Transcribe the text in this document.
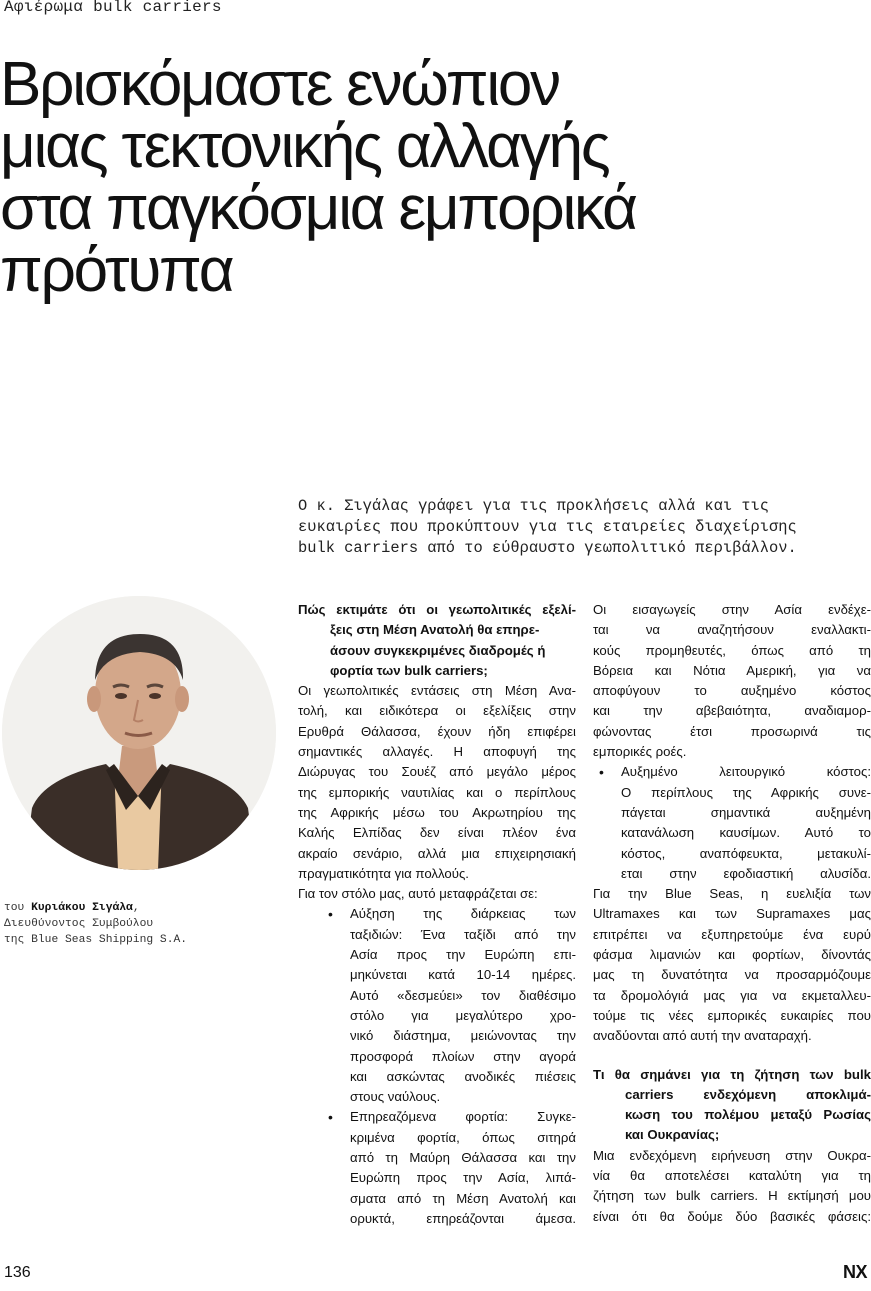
Αφιέρωμα bulk carriers
Βρισκόμαστε ενώπιον
μιας τεκτονικής αλλαγής
στα παγκόσμια εμπορικά
πρότυπα
Ο κ. Σιγάλας γράφει για τις προκλήσεις αλλά και τις
ευκαιρίες που προκύπτουν για τις εταιρείες διαχείρισης
bulk carriers από το εύθραυστο γεωπολιτικό περιβάλλον.
του Κυριάκου Σιγάλα,
Διευθύνοντος Συμβούλου
της Blue Seas Shipping S.A.
Πώς εκτιμάτε ότι οι γεωπολιτικές εξελί-
ξεις στη Μέση Ανατολή θα επηρε-
άσουν συγκεκριμένες διαδρομές ή
φορτία των bulk carriers;
Οι γεωπολιτικές εντάσεις στη Μέση Ανα-
τολή, και ειδικότερα οι εξελίξεις στην
Ερυθρά Θάλασσα, έχουν ήδη επιφέρει
σημαντικές αλλαγές. Η αποφυγή της
Διώρυγας του Σουέζ από μεγάλο μέρος
της εμπορικής ναυτιλίας και ο περίπλους
της Αφρικής μέσω του Ακρωτηρίου της
Καλής Ελπίδας δεν είναι πλέον ένα
ακραίο σενάριο, αλλά μια επιχειρησιακή
πραγματικότητα για πολλούς.
Για τον στόλο μας, αυτό μεταφράζεται σε:
• Αύξηση της διάρκειας των
ταξιδιών: Ένα ταξίδι από την
Ασία προς την Ευρώπη επι-
μηκύνεται κατά 10-14 ημέρες.
Αυτό «δεσμεύει» τον διαθέσιμο
στόλο για μεγαλύτερο χρο-
νικό διάστημα, μειώνοντας την
προσφορά πλοίων στην αγορά
και ασκώντας ανοδικές πιέσεις
στους ναύλους.
• Επηρεαζόμενα φορτία: Συγκε-
κριμένα φορτία, όπως σιτηρά
από τη Μαύρη Θάλασσα και την
Ευρώπη προς την Ασία, λιπά-
σματα από τη Μέση Ανατολή και
ορυκτά, επηρεάζονται άμεσα.
Οι εισαγωγείς στην Ασία ενδέχε-
ται να αναζητήσουν εναλλακτι-
κούς προμηθευτές, όπως από τη
Βόρεια και Νότια Αμερική, για να
αποφύγουν το αυξημένο κόστος
και την αβεβαιότητα, αναδιαμορ-
φώνοντας έτσι προσωρινά τις
εμπορικές ροές.
• Αυξημένο λειτουργικό κόστος:
Ο περίπλους της Αφρικής συνε-
πάγεται σημαντικά αυξημένη
κατανάλωση καυσίμων. Αυτό το
κόστος, αναπόφευκτα, μετακυλί-
εται στην εφοδιαστική αλυσίδα.
Για την Blue Seas, η ευελιξία των
Ultramaxes και των Supramaxes μας
επιτρέπει να εξυπηρετούμε ένα ευρύ
φάσμα λιμανιών και φορτίων, δίνοντάς
μας τη δυνατότητα να προσαρμόζουμε
τα δρομολόγιά μας για να εκμεταλλευ-
τούμε τις νέες εμπορικές ευκαιρίες που
αναδύονται από αυτή την αναταραχή.
Τι θα σημάνει για τη ζήτηση των bulk
carriers ενδεχόμενη αποκλιμά-
κωση του πολέμου μεταξύ Ρωσίας
και Ουκρανίας;
Μια ενδεχόμενη ειρήνευση στην Ουκρα-
νία θα αποτελέσει καταλύτη για τη
ζήτηση των bulk carriers. Η εκτίμησή μου
είναι ότι θα δούμε δύο βασικές φάσεις:
136	NX
